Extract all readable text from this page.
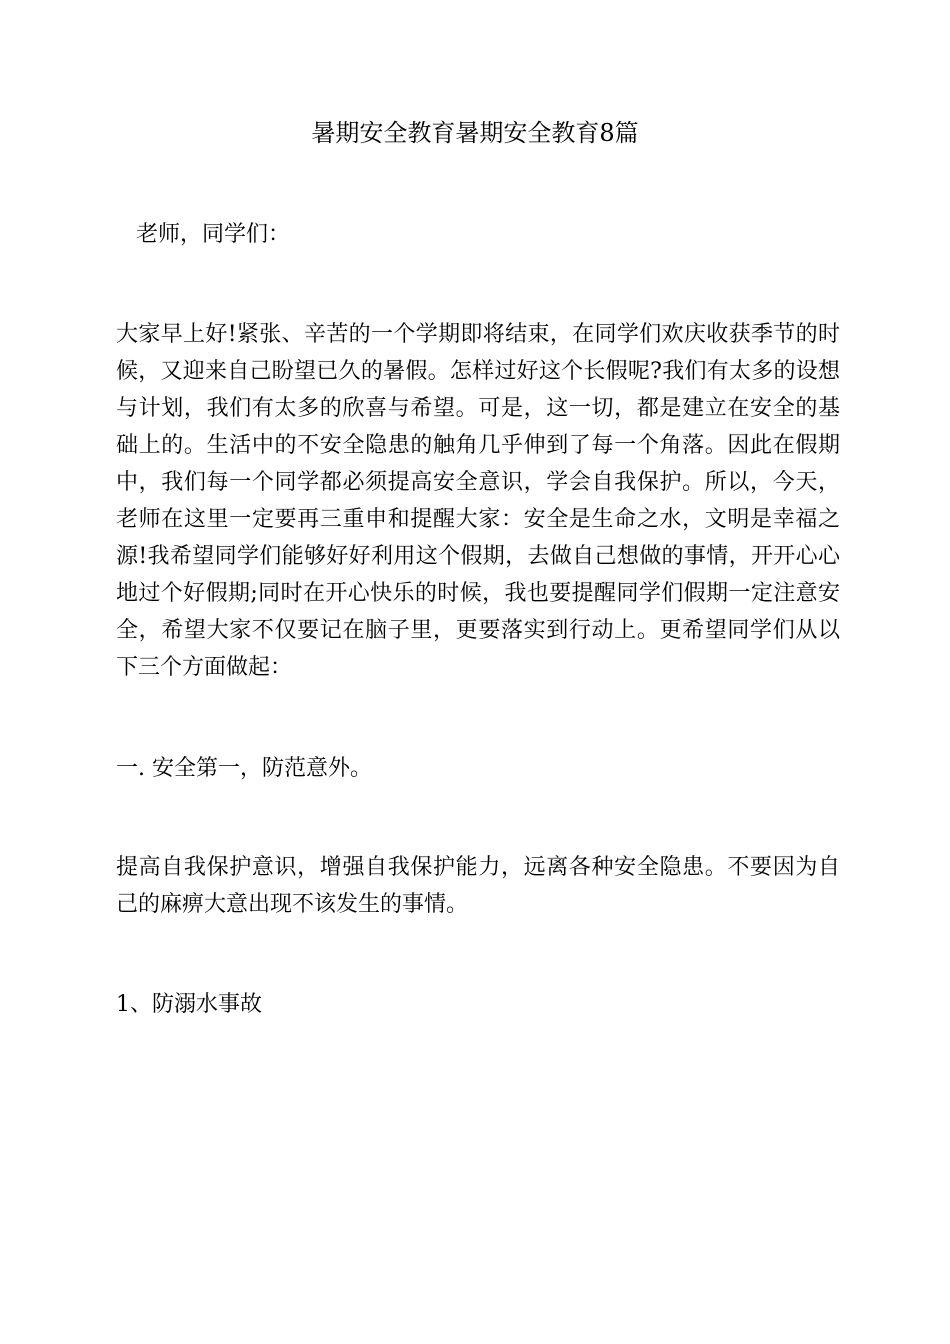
暑期安全教育暑期安全教育8篇
老师，同学们：
大家早上好!紧张、辛苦的一个学期即将结束，在同学们欢庆收获季节的时
候，又迎来自己盼望已久的暑假。怎样过好这个长假呢?我们有太多的设想
与计划，我们有太多的欣喜与希望。可是，这一切，都是建立在安全的基
础上的。生活中的不安全隐患的触角几乎伸到了每一个角落。因此在假期
中，我们每一个同学都必须提高安全意识，学会自我保护。所以，今天，
老师在这里一定要再三重申和提醒大家：安全是生命之水，文明是幸福之
源!我希望同学们能够好好利用这个假期，去做自己想做的事情，开开心心
地过个好假期;同时在开心快乐的时候，我也要提醒同学们假期一定注意安
全，希望大家不仅要记在脑子里，更要落实到行动上。更希望同学们从以
下三个方面做起：
一. 安全第一，防范意外。
提高自我保护意识，增强自我保护能力，远离各种安全隐患。不要因为自
己的麻痹大意出现不该发生的事情。
1、防溺水事故
